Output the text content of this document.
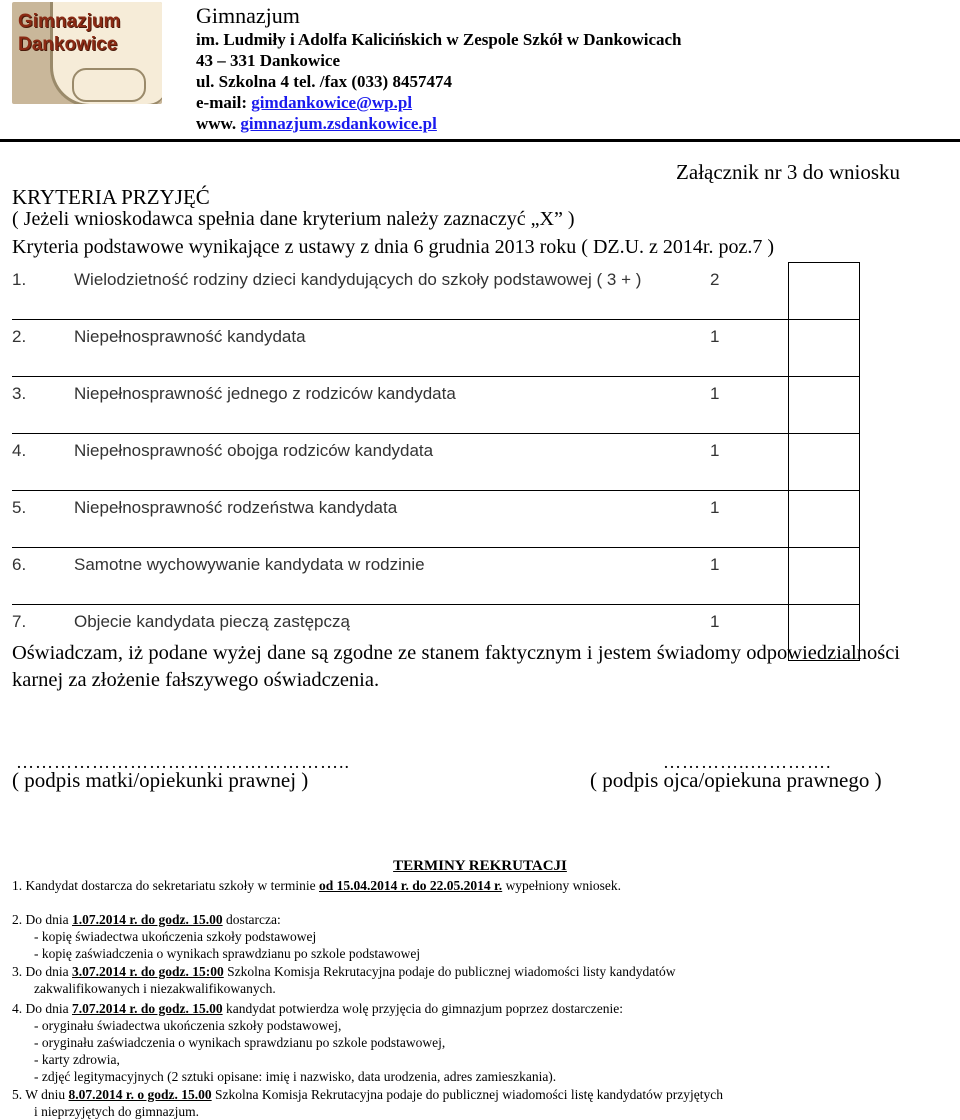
Gimnazjum
Dankowice
Gimnazjum
im. Ludmiły i Adolfa Kalicińskich w Zespole Szkół w Dankowicach
43 – 331 Dankowice
ul. Szkolna 4 tel. /fax (033) 8457474
e-mail: gimdankowice@wp.pl
www. gimnazjum.zsdankowice.pl
Załącznik nr 3 do wniosku
KRYTERIA PRZYJĘĆ
( Jeżeli wnioskodawca spełnia dane kryterium należy zaznaczyć „X” )
Kryteria podstawowe wynikające z ustawy z dnia 6 grudnia 2013 roku ( DZ.U. z 2014r. poz.7 )
1. Wielodzietność rodziny dzieci kandydujących do szkoły podstawowej ( 3 + )	2	
2. Niepełnosprawność kandydata	1	
3. Niepełnosprawność jednego z rodziców kandydata	1	
4. Niepełnosprawność obojga rodziców kandydata	1	
5. Niepełnosprawność rodzeństwa kandydata	1	
6. Samotne wychowywanie kandydata w rodzinie	1	
7. Objecie kandydata pieczą zastępczą	1	
Oświadczam, iż podane wyżej dane są zgodne ze stanem faktycznym i jestem świadomy odpowiedzialności karnej za złożenie fałszywego oświadczenia.
……………………………………………..	…………..………….
( podpis matki/opiekunki prawnej )	( podpis ojca/opiekuna prawnego )
TERMINY REKRUTACJI
1. Kandydat dostarcza do sekretariatu szkoły w terminie od 15.04.2014 r. do 22.05.2014 r. wypełniony wniosek.
2. Do dnia 1.07.2014 r. do godz. 15.00 dostarcza:
- kopię świadectwa ukończenia szkoły podstawowej
- kopię zaświadczenia o wynikach sprawdzianu po szkole podstawowej
3. Do dnia 3.07.2014 r. do godz. 15:00 Szkolna Komisja Rekrutacyjna podaje do publicznej wiadomości listy kandydatów
zakwalifikowanych i niezakwalifikowanych.
4. Do dnia 7.07.2014 r. do godz. 15.00 kandydat potwierdza wolę przyjęcia do gimnazjum poprzez dostarczenie:
- oryginału świadectwa ukończenia szkoły podstawowej,
- oryginału zaświadczenia o wynikach sprawdzianu po szkole podstawowej,
- karty zdrowia,
- zdjęć legitymacyjnych (2 sztuki opisane: imię i nazwisko, data urodzenia, adres zamieszkania).
5. W dniu 8.07.2014 r. o godz. 15.00 Szkolna Komisja Rekrutacyjna podaje do publicznej wiadomości listę kandydatów przyjętych
i nieprzyjętych do gimnazjum.
